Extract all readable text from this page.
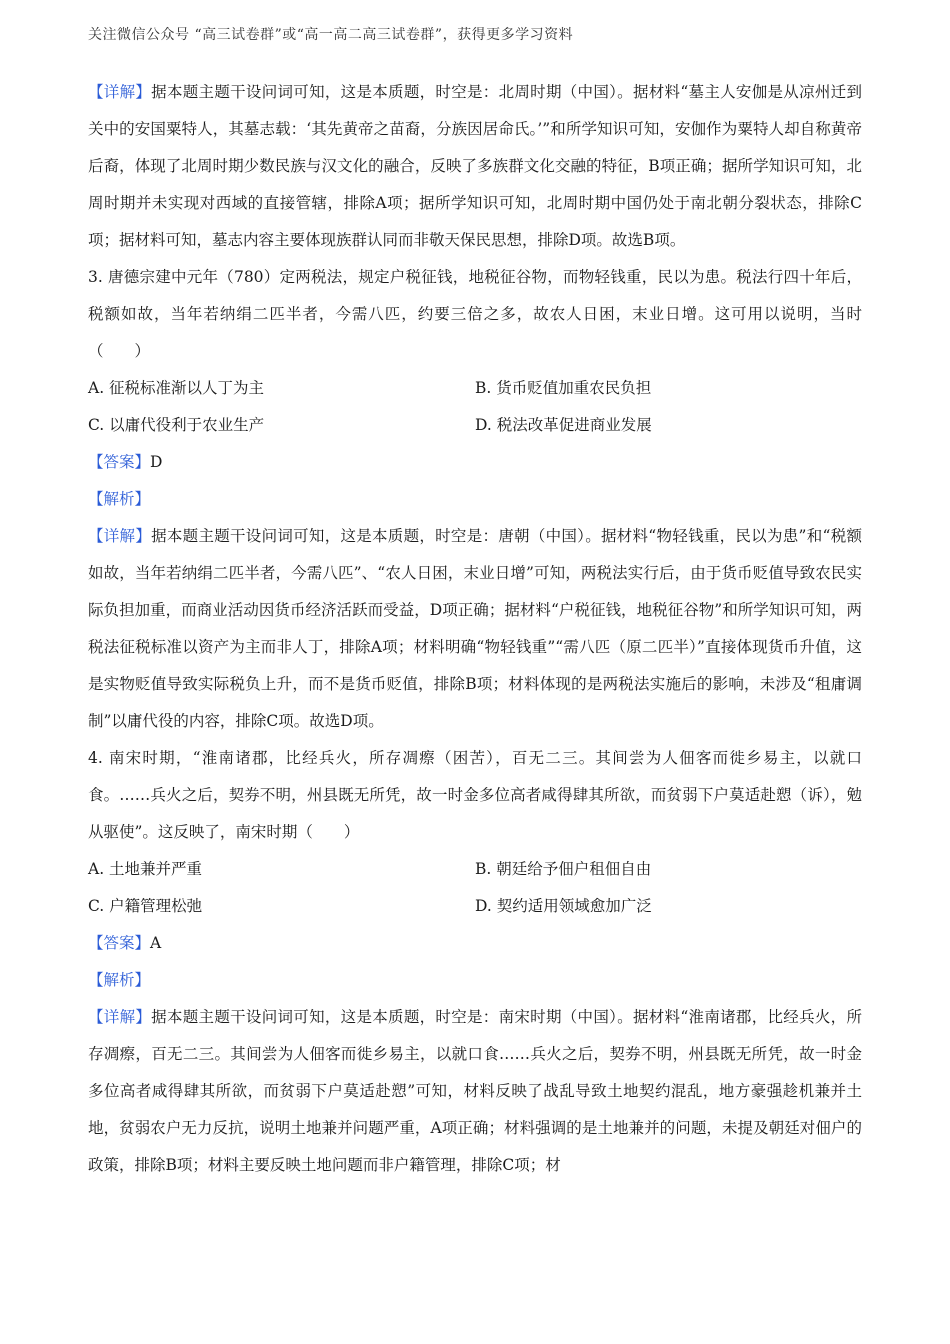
关注微信公众号 “高三试卷群”或“高一高二高三试卷群”，获得更多学习资料

【详解】据本题主题干设问词可知，这是本质题，时空是：北周时期（中国）。据材料“墓主人安伽是从凉州迁到关中的安国粟特人，其墓志载：‘其先黄帝之苗裔，分族因居命氏。’”和所学知识可知，安伽作为粟特人却自称黄帝后裔，体现了北周时期少数民族与汉文化的融合，反映了多族群文化交融的特征，B项正确；据所学知识可知，北周时期并未实现对西域的直接管辖，排除A项；据所学知识可知，北周时期中国仍处于南北朝分裂状态，排除C项；据材料可知，墓志内容主要体现族群认同而非敬天保民思想，排除D项。故选B项。

3. 唐德宗建中元年（780）定两税法，规定户税征钱，地税征谷物，而物轻钱重，民以为患。税法行四十年后，税额如故，当年若纳绢二匹半者，今需八匹，约要三倍之多，故农人日困，末业日增。这可用以说明，当时（　　）

A. 征税标准渐以人丁为主	B. 货币贬值加重农民负担
C. 以庸代役利于农业生产	D. 税法改革促进商业发展

【答案】D

【解析】

【详解】据本题主题干设问词可知，这是本质题，时空是：唐朝（中国）。据材料“物轻钱重，民以为患”和“税额如故，当年若纳绢二匹半者，今需八匹”、“农人日困，末业日增”可知，两税法实行后，由于货币贬值导致农民实际负担加重，而商业活动因货币经济活跃而受益，D项正确；据材料“户税征钱，地税征谷物”和所学知识可知，两税法征税标准以资产为主而非人丁，排除A项；材料明确“物轻钱重”“需八匹（原二匹半）”直接体现货币升值，这是实物贬值导致实际税负上升，而不是货币贬值，排除B项；材料体现的是两税法实施后的影响，未涉及“租庸调制”以庸代役的内容，排除C项。故选D项。

4. 南宋时期，“淮南诸郡，比经兵火，所存凋瘵（困苦），百无二三。其间尝为人佃客而徙乡易主，以就口食。……兵火之后，契券不明，州县既无所凭，故一时金多位高者咸得肆其所欲，而贫弱下户莫适赴愬（诉），勉从驱使”。这反映了，南宋时期（　　）

A. 土地兼并严重	B. 朝廷给予佃户租佃自由
C. 户籍管理松弛	D. 契约适用领域愈加广泛

【答案】A

【解析】

【详解】据本题主题干设问词可知，这是本质题，时空是：南宋时期（中国）。据材料“淮南诸郡，比经兵火，所存凋瘵，百无二三。其间尝为人佃客而徙乡易主，以就口食……兵火之后，契券不明，州县既无所凭，故一时金多位高者咸得肆其所欲，而贫弱下户莫适赴愬”可知，材料反映了战乱导致土地契约混乱，地方豪强趁机兼并土地，贫弱农户无力反抗，说明土地兼并问题严重，A项正确；材料强调的是土地兼并的问题，未提及朝廷对佃户的政策，排除B项；材料主要反映土地问题而非户籍管理，排除C项；材
